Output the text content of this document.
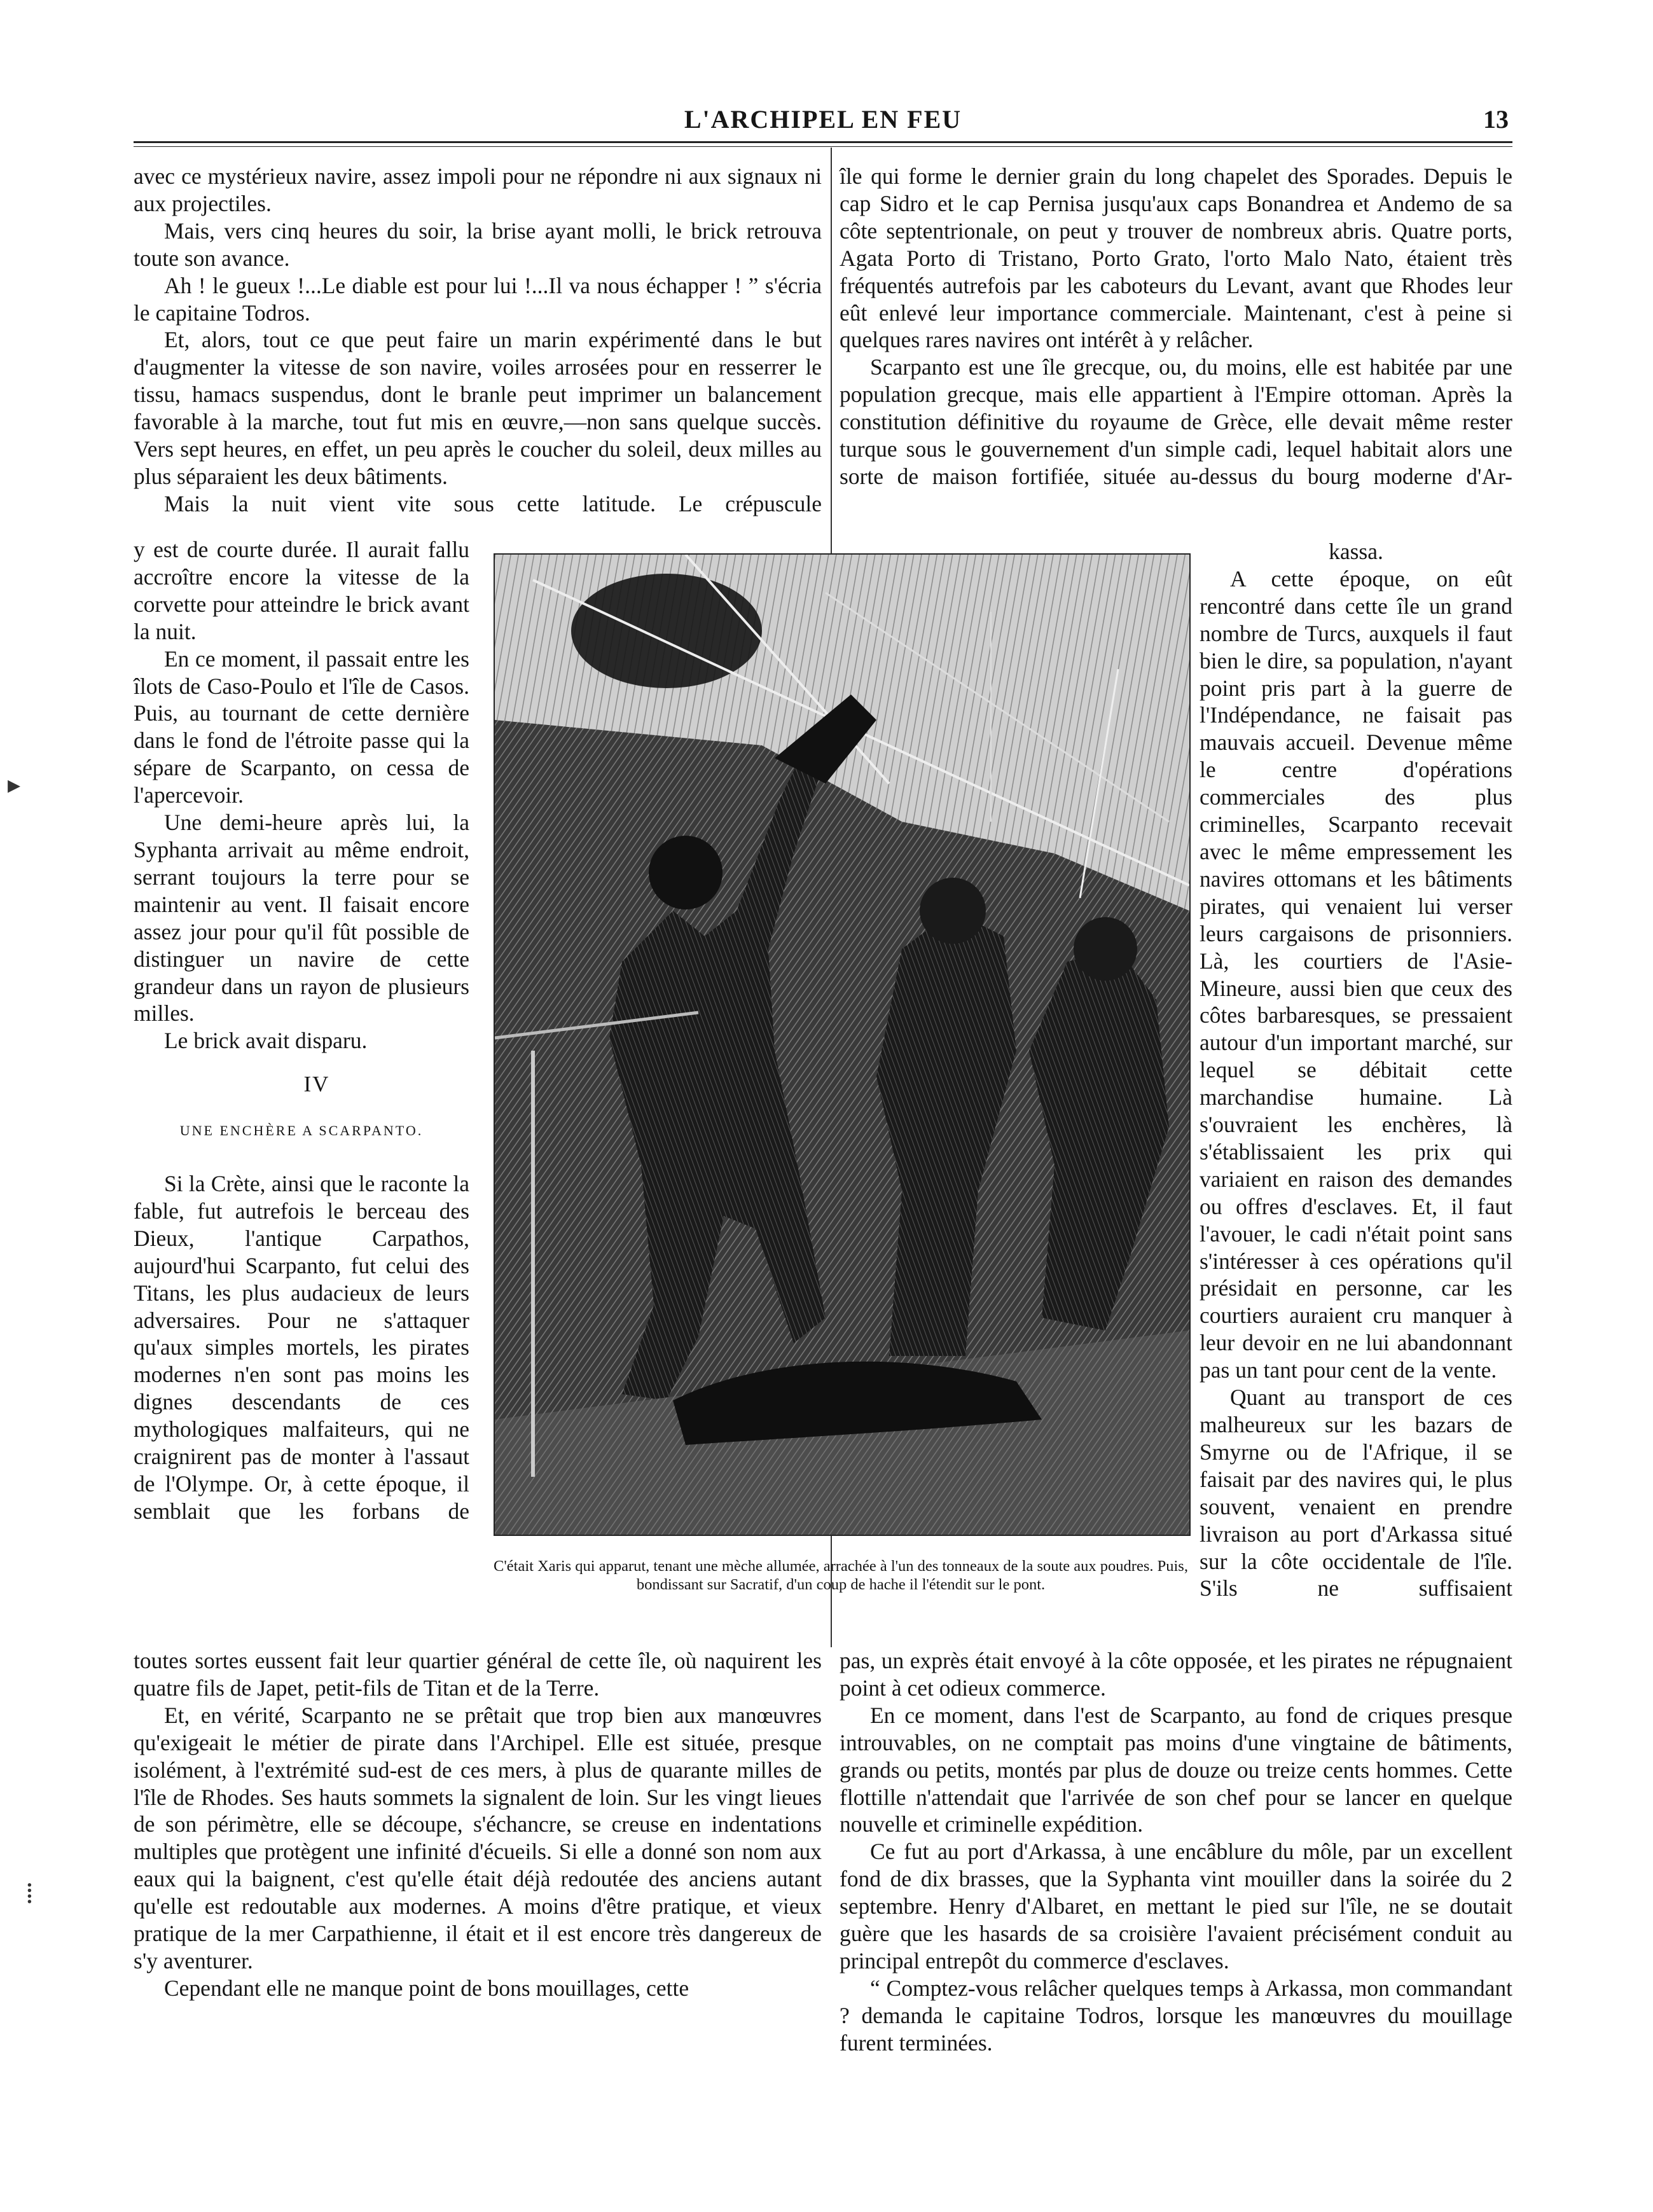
L'ARCHIPEL EN FEU	13

avec ce mystérieux navire, assez impoli pour ne répondre ni aux signaux ni aux projectiles.

Mais, vers cinq heures du soir, la brise ayant molli, le brick retrouva toute son avance.

Ah ! le gueux !...Le diable est pour lui !...Il va nous échapper ! ” s'écria le capitaine Todros.

Et, alors, tout ce que peut faire un marin expérimenté dans le but d'augmenter la vitesse de son navire, voiles arrosées pour en resserrer le tissu, hamacs suspendus, dont le branle peut imprimer un balancement favorable à la marche, tout fut mis en œuvre,—non sans quelque succès. Vers sept heures, en effet, un peu après le coucher du soleil, deux milles au plus séparaient les deux bâtiments.

Mais la nuit vient vite sous cette latitude. Le crépuscule

y est de courte durée. Il aurait fallu accroître encore la vitesse de la corvette pour atteindre le brick avant la nuit.

En ce moment, il passait entre les îlots de Caso-Poulo et l'île de Casos. Puis, au tournant de cette dernière dans le fond de l'étroite passe qui la sépare de Scarpanto, on cessa de l'apercevoir.

Une demi-heure après lui, la Syphanta arrivait au même endroit, serrant toujours la terre pour se maintenir au vent. Il faisait encore assez jour pour qu'il fût possible de distinguer un navire de cette grandeur dans un rayon de plusieurs milles.

Le brick avait disparu.

IV

UNE ENCHÈRE A SCARPANTO.

Si la Crète, ainsi que le raconte la fable, fut autrefois le berceau des Dieux, l'antique Carpathos, aujourd'hui Scarpanto, fut celui des Titans, les plus audacieux de leurs adversaires. Pour ne s'attaquer qu'aux simples mortels, les pirates modernes n'en sont pas moins les dignes descendants de ces mythologiques malfaiteurs, qui ne craignirent pas de monter à l'assaut de l'Olympe. Or, à cette époque, il semblait que les forbans de

toutes sortes eussent fait leur quartier général de cette île, où naquirent les quatre fils de Japet, petit-fils de Titan et de la Terre.

Et, en vérité, Scarpanto ne se prêtait que trop bien aux manœuvres qu'exigeait le métier de pirate dans l'Archipel. Elle est située, presque isolément, à l'extrémité sud-est de ces mers, à plus de quarante milles de l'île de Rhodes. Ses hauts sommets la signalent de loin. Sur les vingt lieues de son périmètre, elle se découpe, s'échancre, se creuse en indentations multiples que protègent une infinité d'écueils. Si elle a donné son nom aux eaux qui la baignent, c'est qu'elle était déjà redoutée des anciens autant qu'elle est redoutable aux modernes. A moins d'être pratique, et vieux pratique de la mer Carpathienne, il était et il est encore très dangereux de s'y aventurer.

Cependant elle ne manque point de bons mouillages, cette

île qui forme le dernier grain du long chapelet des Sporades. Depuis le cap Sidro et le cap Pernisa jusqu'aux caps Bonandrea et Andemo de sa côte septentrionale, on peut y trouver de nombreux abris. Quatre ports, Agata Porto di Tristano, Porto Grato, l'orto Malo Nato, étaient très fréquentés autrefois par les caboteurs du Levant, avant que Rhodes leur eût enlevé leur importance commerciale. Maintenant, c'est à peine si quelques rares navires ont intérêt à y relâcher.

Scarpanto est une île grecque, ou, du moins, elle est habitée par une population grecque, mais elle appartient à l'Empire ottoman. Après la constitution définitive du royaume de Grèce, elle devait même rester turque sous le gouvernement d'un simple cadi, lequel habitait alors une sorte de maison fortifiée, située au-dessus du bourg moderne d'Ar-

kassa.

A cette époque, on eût rencontré dans cette île un grand nombre de Turcs, auxquels il faut bien le dire, sa population, n'ayant point pris part à la guerre de l'Indépendance, ne faisait pas mauvais accueil. Devenue même le centre d'opérations commerciales des plus criminelles, Scarpanto recevait avec le même empressement les navires ottomans et les bâtiments pirates, qui venaient lui verser leurs cargaisons de prisonniers. Là, les courtiers de l'Asie-Mineure, aussi bien que ceux des côtes barbaresques, se pressaient autour d'un important marché, sur lequel se débitait cette marchandise humaine. Là s'ouvraient les enchères, là s'établissaient les prix qui variaient en raison des demandes ou offres d'esclaves. Et, il faut l'avouer, le cadi n'était point sans s'intéresser à ces opérations qu'il présidait en personne, car les courtiers auraient cru manquer à leur devoir en ne lui abandonnant pas un tant pour cent de la vente.

Quant au transport de ces malheureux sur les bazars de Smyrne ou de l'Afrique, il se faisait par des navires qui, le plus souvent, venaient en prendre livraison au port d'Arkassa situé sur la côte occidentale de l'île. S'ils ne suffisaient

pas, un exprès était envoyé à la côte opposée, et les pirates ne répugnaient point à cet odieux commerce.

En ce moment, dans l'est de Scarpanto, au fond de criques presque introuvables, on ne comptait pas moins d'une vingtaine de bâtiments, grands ou petits, montés par plus de douze ou treize cents hommes. Cette flottille n'attendait que l'arrivée de son chef pour se lancer en quelque nouvelle et criminelle expédition.

Ce fut au port d'Arkassa, à une encâblure du môle, par un excellent fond de dix brasses, que la Syphanta vint mouiller dans la soirée du 2 septembre. Henry d'Albaret, en mettant le pied sur l'île, ne se doutait guère que les hasards de sa croisière l'avaient précisément conduit au principal entrepôt du commerce d'esclaves.

“ Comptez-vous relâcher quelques temps à Arkassa, mon commandant ? demanda le capitaine Todros, lorsque les manœuvres du mouillage furent terminées.

C'était Xaris qui apparut, tenant une mèche allumée, arrachée à l'un des tonneaux de la soute aux poudres. Puis, bondissant sur Sacratif, d'un coup de hache il l'étendit sur le pont.
▸
⁞
